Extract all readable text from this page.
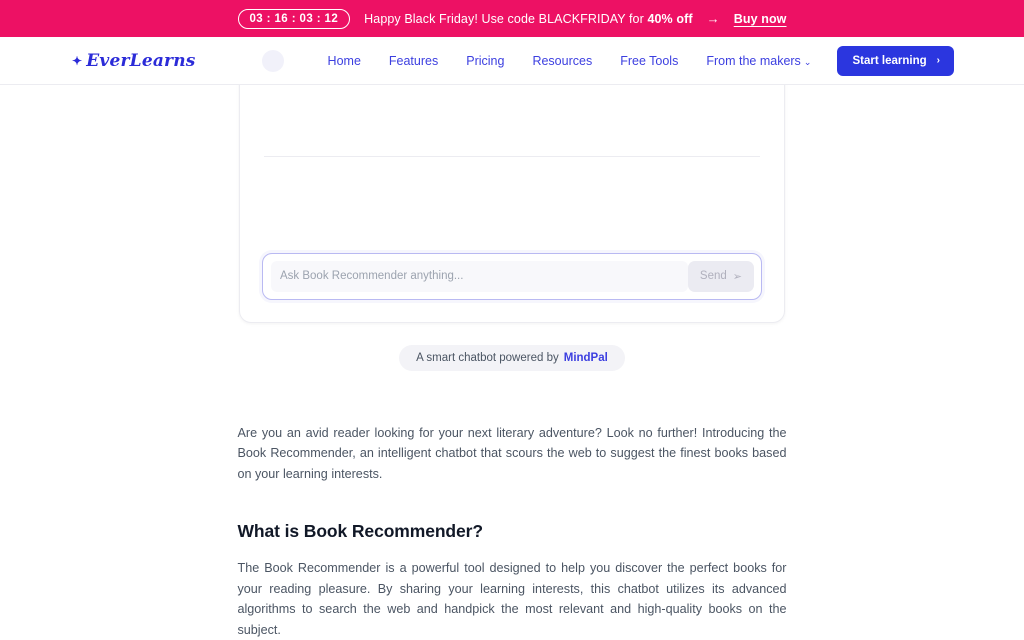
03 : 16 : 03 : 12	Happy Black Friday! Use code BLACKFRIDAY for 40% off → Buy now
✦ EverLearns	Home Features Pricing Resources Free Tools From the makers ⌄	Start learning ›
Ask Book Recommender anything...
Send ➢
A smart chatbot powered by MindPal

Are you an avid reader looking for your next literary adventure? Look no further! Introducing the Book Recommender, an intelligent chatbot that scours the web to suggest the finest books based on your learning interests.

What is Book Recommender?

The Book Recommender is a powerful tool designed to help you discover the perfect books for your reading pleasure. By sharing your learning interests, this chatbot utilizes its advanced algorithms to search the web and handpick the most relevant and high-quality books on the subject.
